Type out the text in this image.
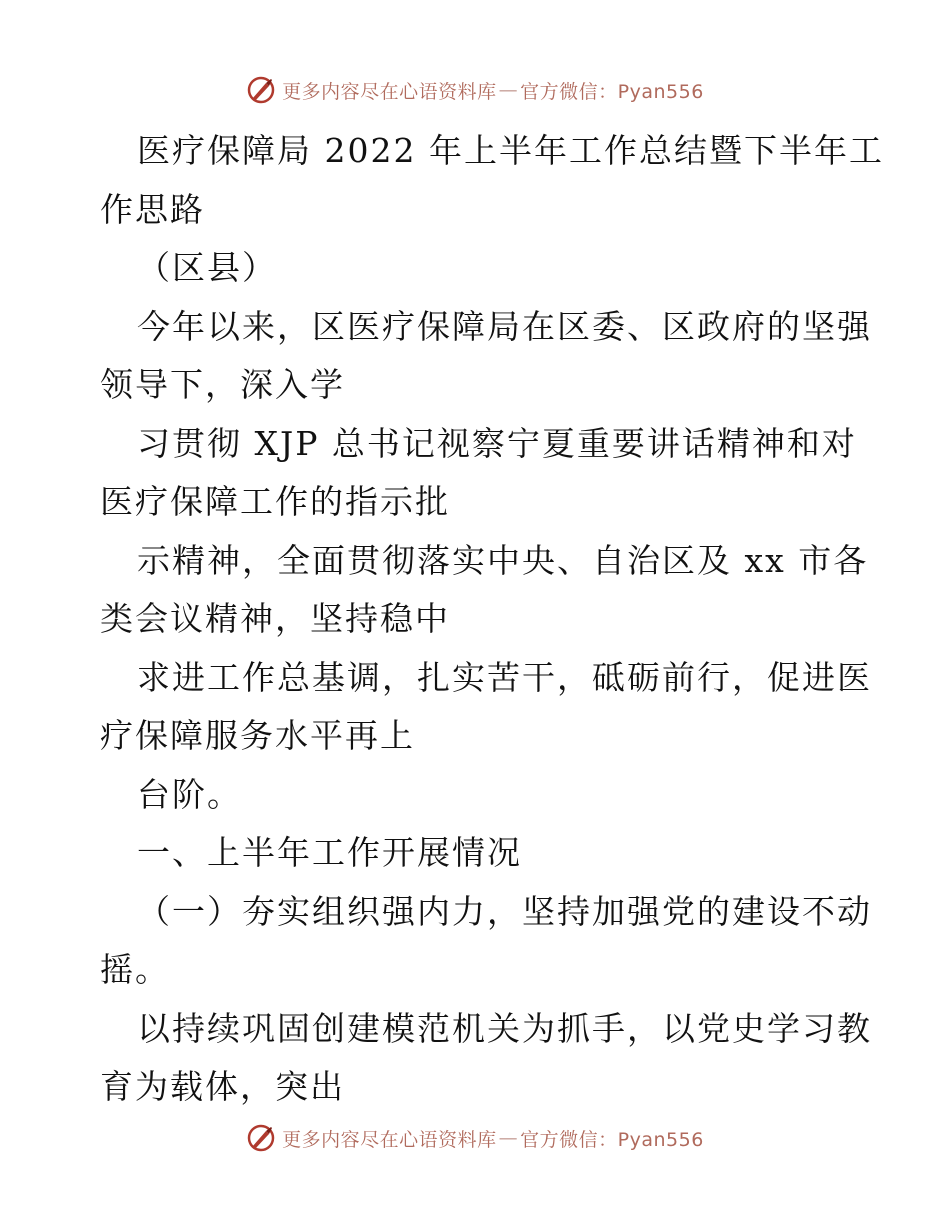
更多内容尽在心语资料库 — 官方微信：Pyan556
医疗保障局 2022 年上半年工作总结暨下半年工
作思路
（区县）
今年以来，区医疗保障局在区委、区政府的坚强
领导下，深入学
习贯彻 XJP 总书记视察宁夏重要讲话精神和对
医疗保障工作的指示批
示精神，全面贯彻落实中央、自治区及 xx 市各
类会议精神，坚持稳中
求进工作总基调，扎实苦干，砥砺前行，促进医
疗保障服务水平再上
台阶。
一、上半年工作开展情况
（一）夯实组织强内力，坚持加强党的建设不动
摇。
以持续巩固创建模范机关为抓手，以党史学习教
育为载体，突出
更多内容尽在心语资料库 — 官方微信：Pyan556
